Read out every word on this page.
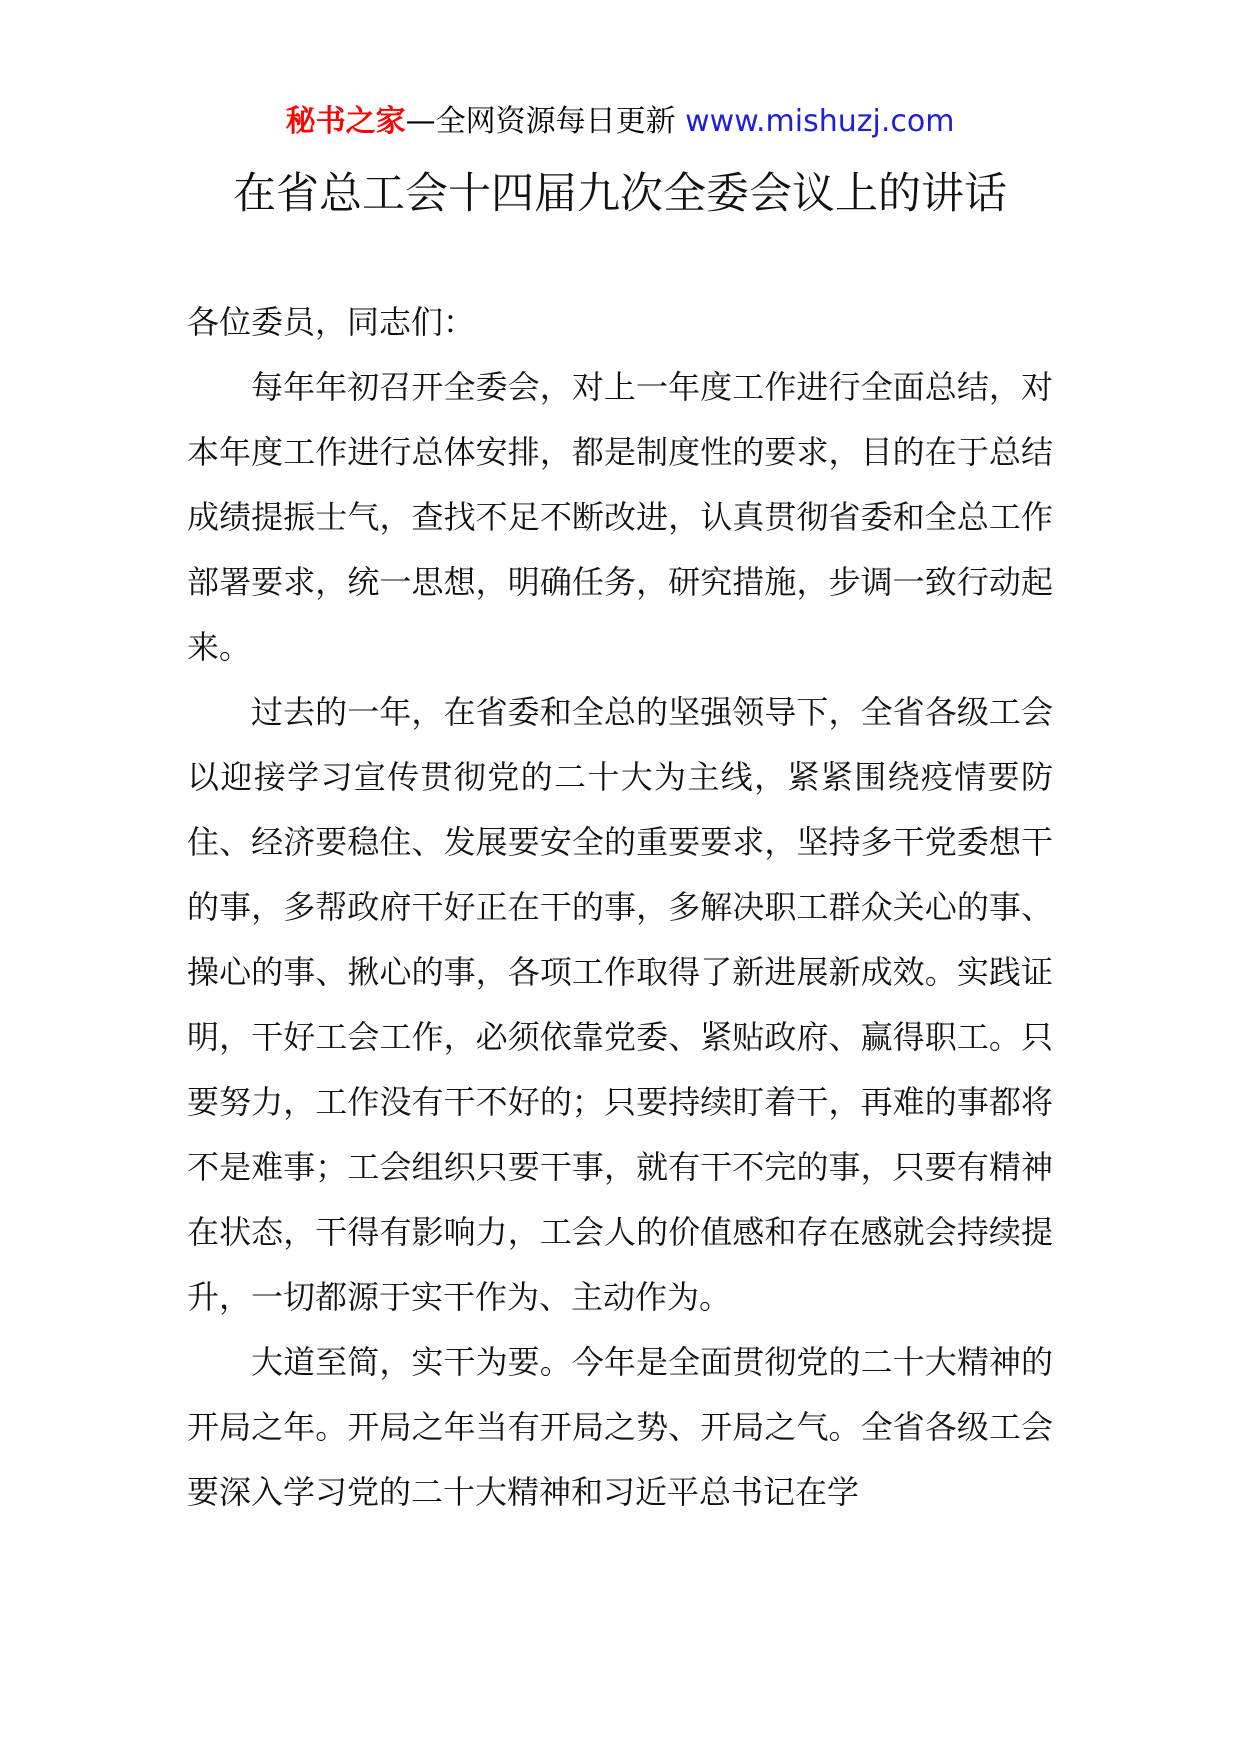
秘书之家—全网资源每日更新 www.mishuzj.com
在省总工会十四届九次全委会议上的讲话

各位委员，同志们：

每年年初召开全委会，对上一年度工作进行全面总结，对本年度工作进行总体安排，都是制度性的要求，目的在于总结成绩提振士气，查找不足不断改进，认真贯彻省委和全总工作部署要求，统一思想，明确任务，研究措施，步调一致行动起来。

过去的一年，在省委和全总的坚强领导下，全省各级工会以迎接学习宣传贯彻党的二十大为主线，紧紧围绕疫情要防住、经济要稳住、发展要安全的重要要求，坚持多干党委想干的事，多帮政府干好正在干的事，多解决职工群众关心的事、操心的事、揪心的事，各项工作取得了新进展新成效。实践证明，干好工会工作，必须依靠党委、紧贴政府、赢得职工。只要努力，工作没有干不好的；只要持续盯着干，再难的事都将不是难事；工会组织只要干事，就有干不完的事，只要有精神在状态，干得有影响力，工会人的价值感和存在感就会持续提升，一切都源于实干作为、主动作为。

大道至简，实干为要。今年是全面贯彻党的二十大精神的开局之年。开局之年当有开局之势、开局之气。全省各级工会要深入学习党的二十大精神和习近平总书记在学
